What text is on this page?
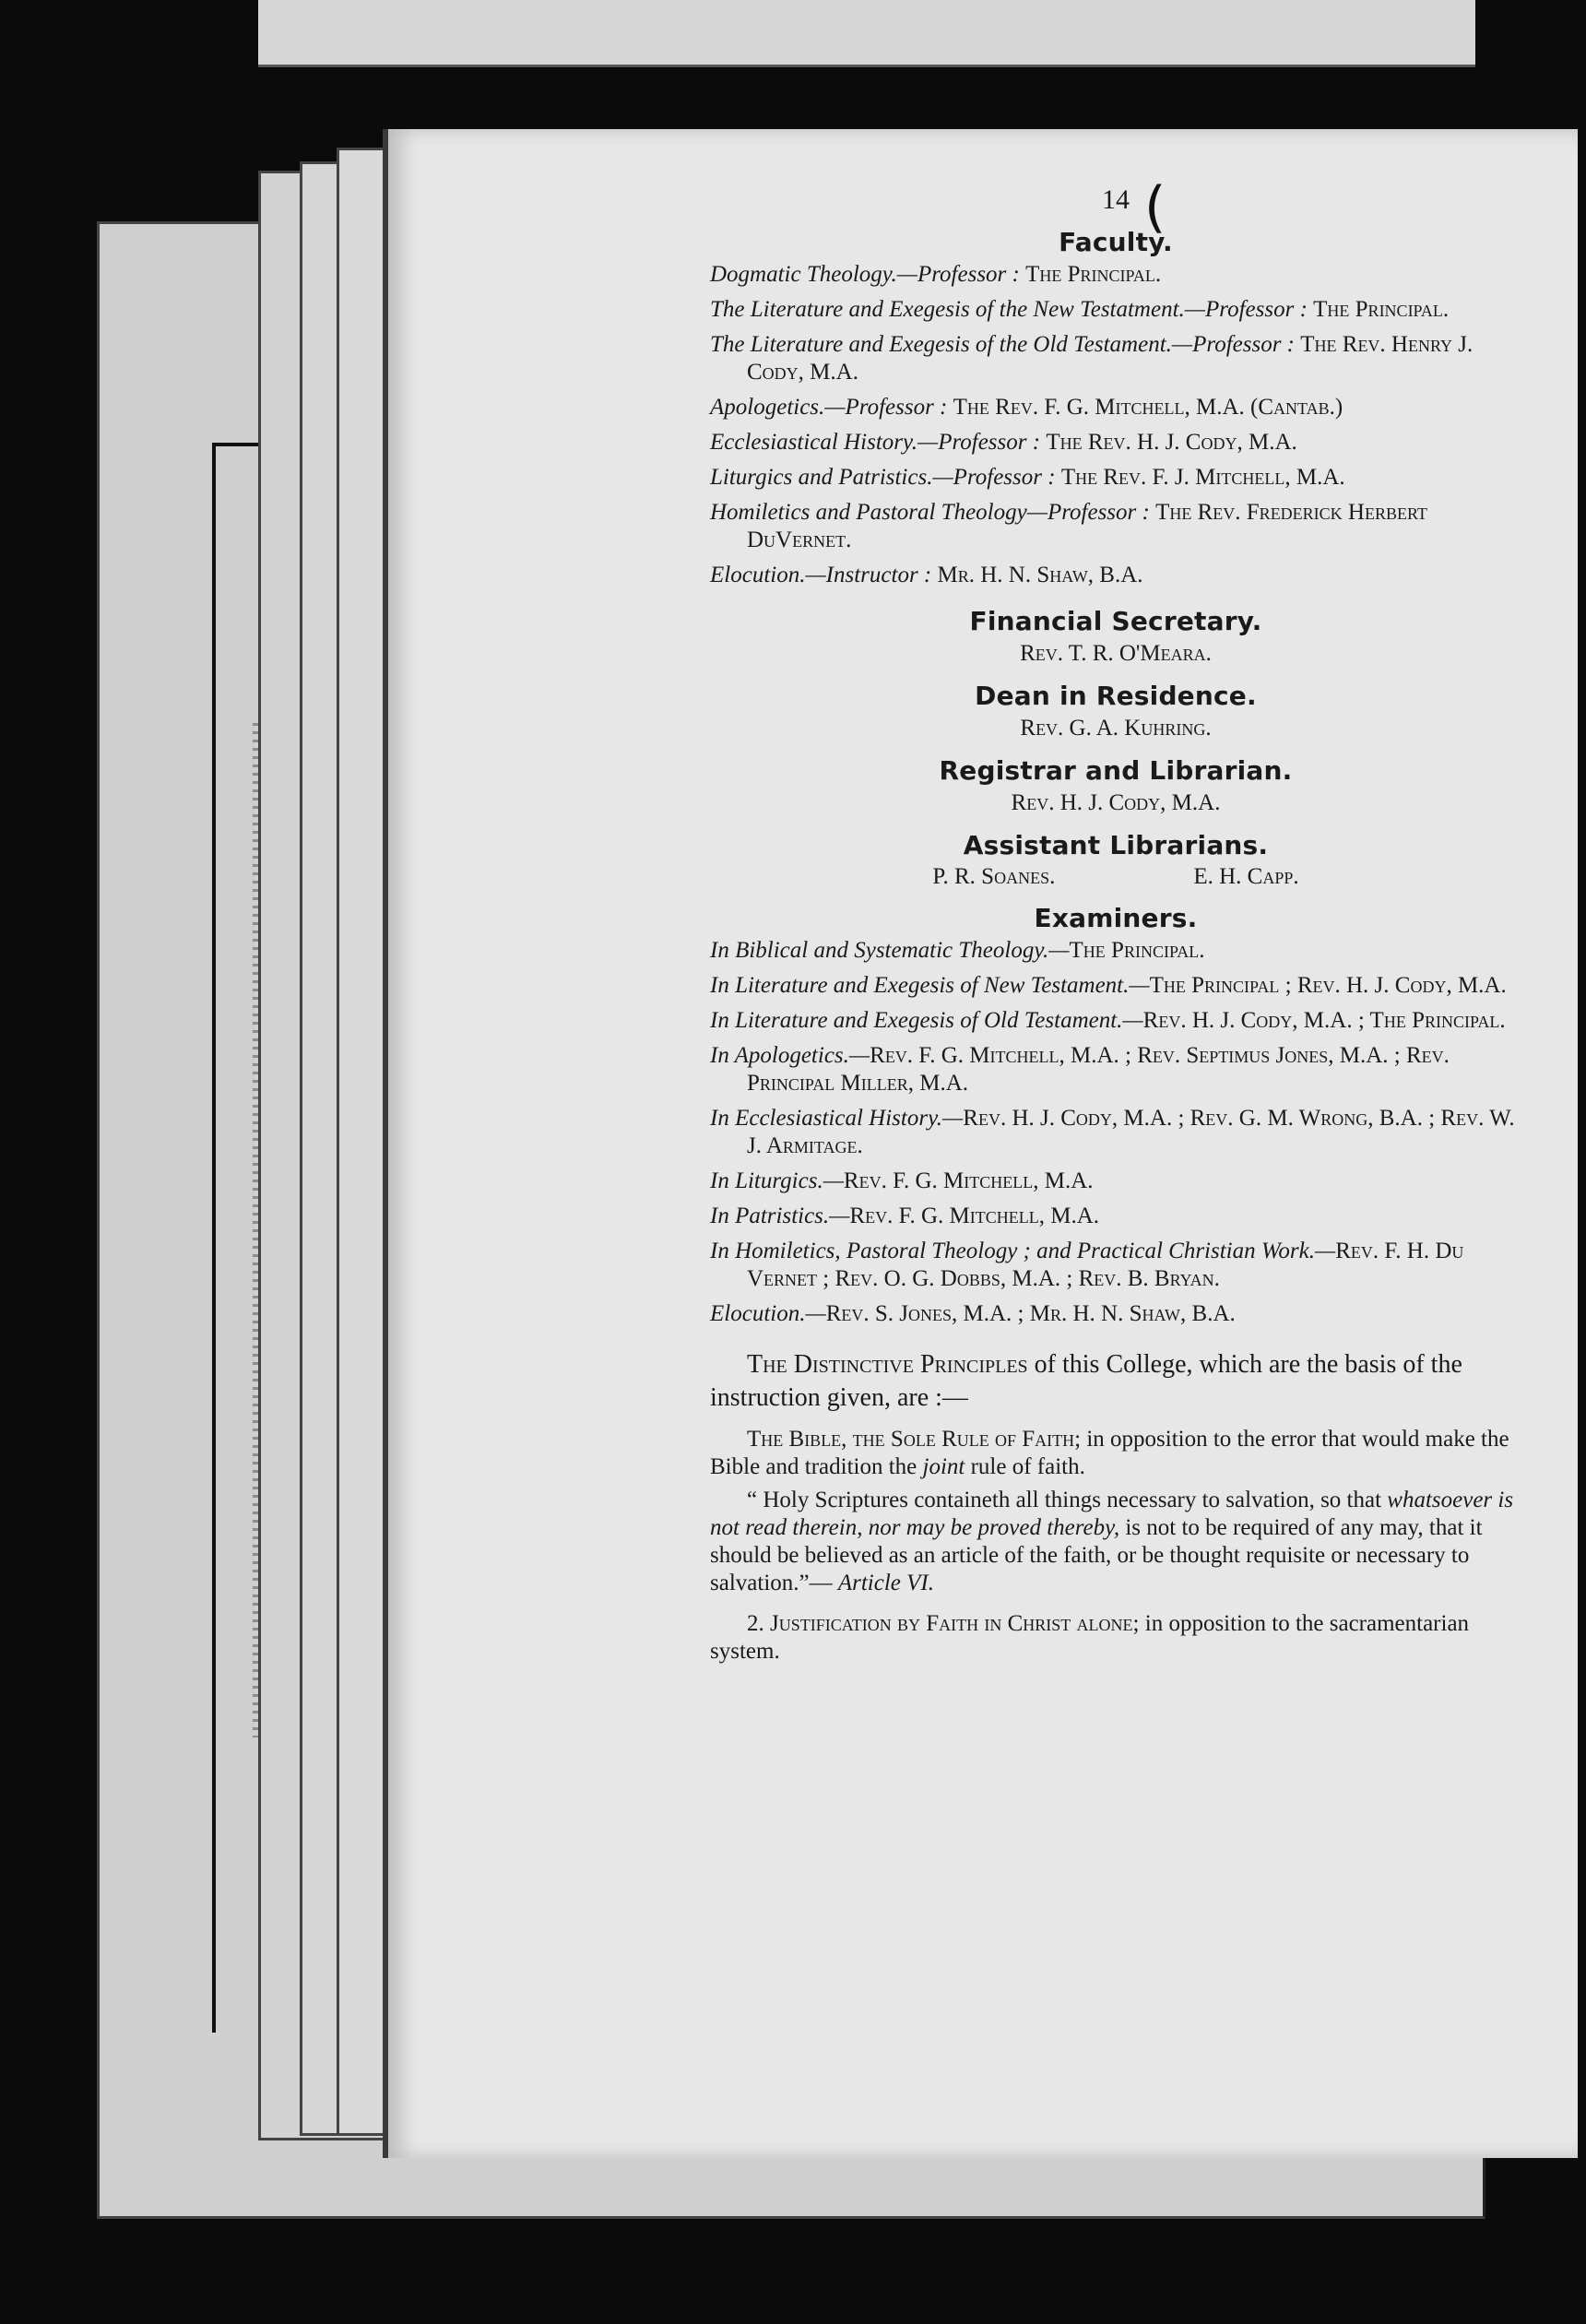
(
14
Faculty.

Dogmatic Theology.—Professor : The Principal.

The Literature and Exegesis of the New Testatment.—Professor : The Principal.

The Literature and Exegesis of the Old Testament.—Professor : The Rev. Henry J. Cody, M.A.

Apologetics.—Professor : The Rev. F. G. Mitchell, M.A. (Cantab.)

Ecclesiastical History.—Professor : The Rev. H. J. Cody, M.A.

Liturgics and Patristics.—Professor : The Rev. F. J. Mitchell, M.A.

Homiletics and Pastoral Theology—Professor : The Rev. Frederick Herbert DuVernet.

Elocution.—Instructor : Mr. H. N. Shaw, B.A.

Financial Secretary.
Rev. T. R. O'Meara.
Dean in Residence.
Rev. G. A. Kuhring.
Registrar and Librarian.
Rev. H. J. Cody, M.A.
Assistant Librarians.
P. R. Soanes.	E. H. Capp.
Examiners.

In Biblical and Systematic Theology.—The Principal.

In Literature and Exegesis of New Testament.—The Principal ; Rev. H. J. Cody, M.A.

In Literature and Exegesis of Old Testament.—Rev. H. J. Cody, M.A. ; The Principal.

In Apologetics.—Rev. F. G. Mitchell, M.A. ; Rev. Septimus Jones, M.A. ; Rev. Principal Miller, M.A.

In Ecclesiastical History.—Rev. H. J. Cody, M.A. ; Rev. G. M. Wrong, B.A. ; Rev. W. J. Armitage.

In Liturgics.—Rev. F. G. Mitchell, M.A.

In Patristics.—Rev. F. G. Mitchell, M.A.

In Homiletics, Pastoral Theology ; and Practical Christian Work.—Rev. F. H. Du Vernet ; Rev. O. G. Dobbs, M.A. ; Rev. B. Bryan.

Elocution.—Rev. S. Jones, M.A. ; Mr. H. N. Shaw, B.A.

The Distinctive Principles of this College, which are the basis of the instruction given, are :—

The Bible, the Sole Rule of Faith; in opposition to the error that would make the Bible and tradition the joint rule of faith.

“ Holy Scriptures containeth all things necessary to salvation, so that whatsoever is not read therein, nor may be proved thereby, is not to be required of any may, that it should be believed as an article of the faith, or be thought requisite or necessary to salvation.”— Article VI.

2. Justification by Faith in Christ alone; in opposition to the sacramentarian system.
